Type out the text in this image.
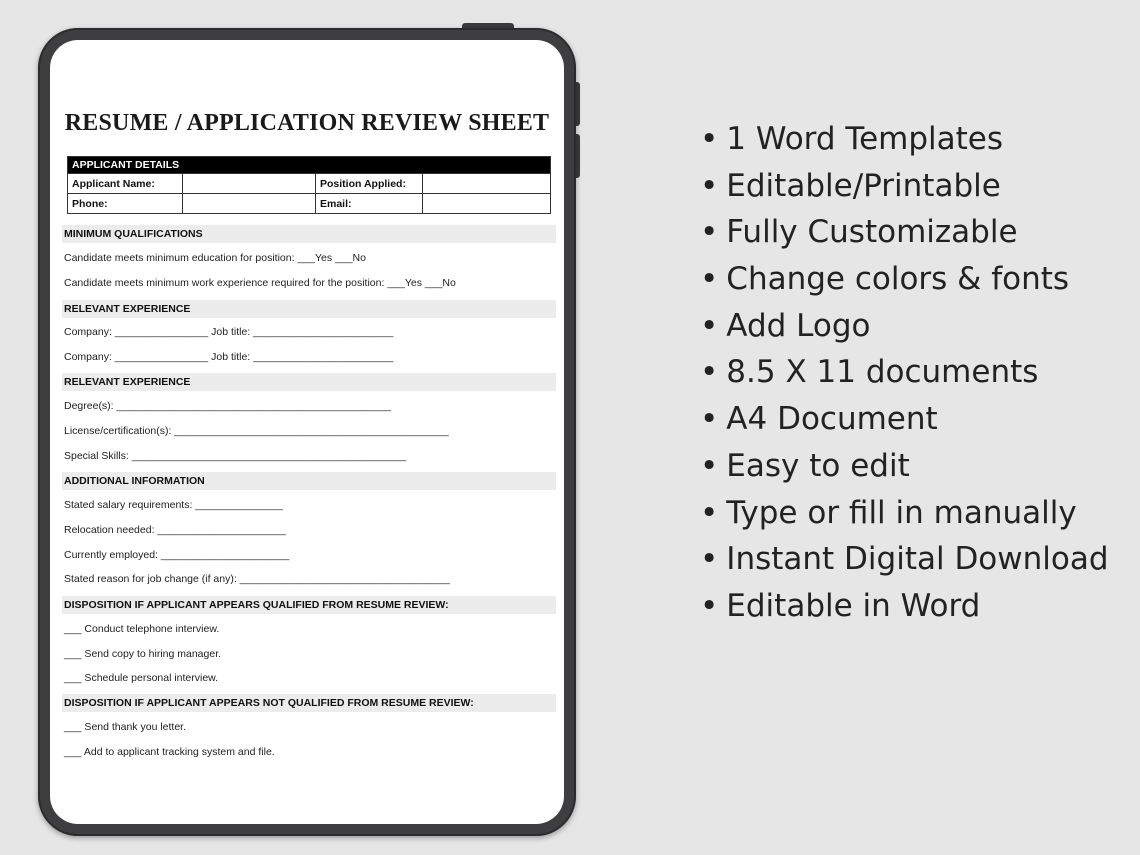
RESUME / APPLICATION REVIEW SHEET
APPLICANT DETAILS			
Applicant Name:		Position Applied:	
Phone:		Email:	
MINIMUM QUALIFICATIONS
Candidate meets minimum education for position: ___Yes ___No
Candidate meets minimum work experience required for the position: ___Yes ___No
RELEVANT EXPERIENCE
Company: ________________ Job title: ________________________
Company: ________________ Job title: ________________________
RELEVANT EXPERIENCE
Degree(s): _______________________________________________
License/certification(s): _______________________________________________
Special Skills: _______________________________________________
ADDITIONAL INFORMATION
Stated salary requirements: _______________
Relocation needed: ______________________
Currently employed: ______________________
Stated reason for job change (if any): ____________________________________
DISPOSITION IF APPLICANT APPEARS QUALIFIED FROM RESUME REVIEW:
___ Conduct telephone interview.
___ Send copy to hiring manager.
___ Schedule personal interview.
DISPOSITION IF APPLICANT APPEARS NOT QUALIFIED FROM RESUME REVIEW:
___ Send thank you letter.
___ Add to applicant tracking system and file.
• 1 Word Templates
• Editable/Printable
• Fully Customizable
• Change colors & fonts
• Add Logo
• 8.5 X 11 documents
• A4 Document
• Easy to edit
• Type or fill in manually
• Instant Digital Download
• Editable in Word
